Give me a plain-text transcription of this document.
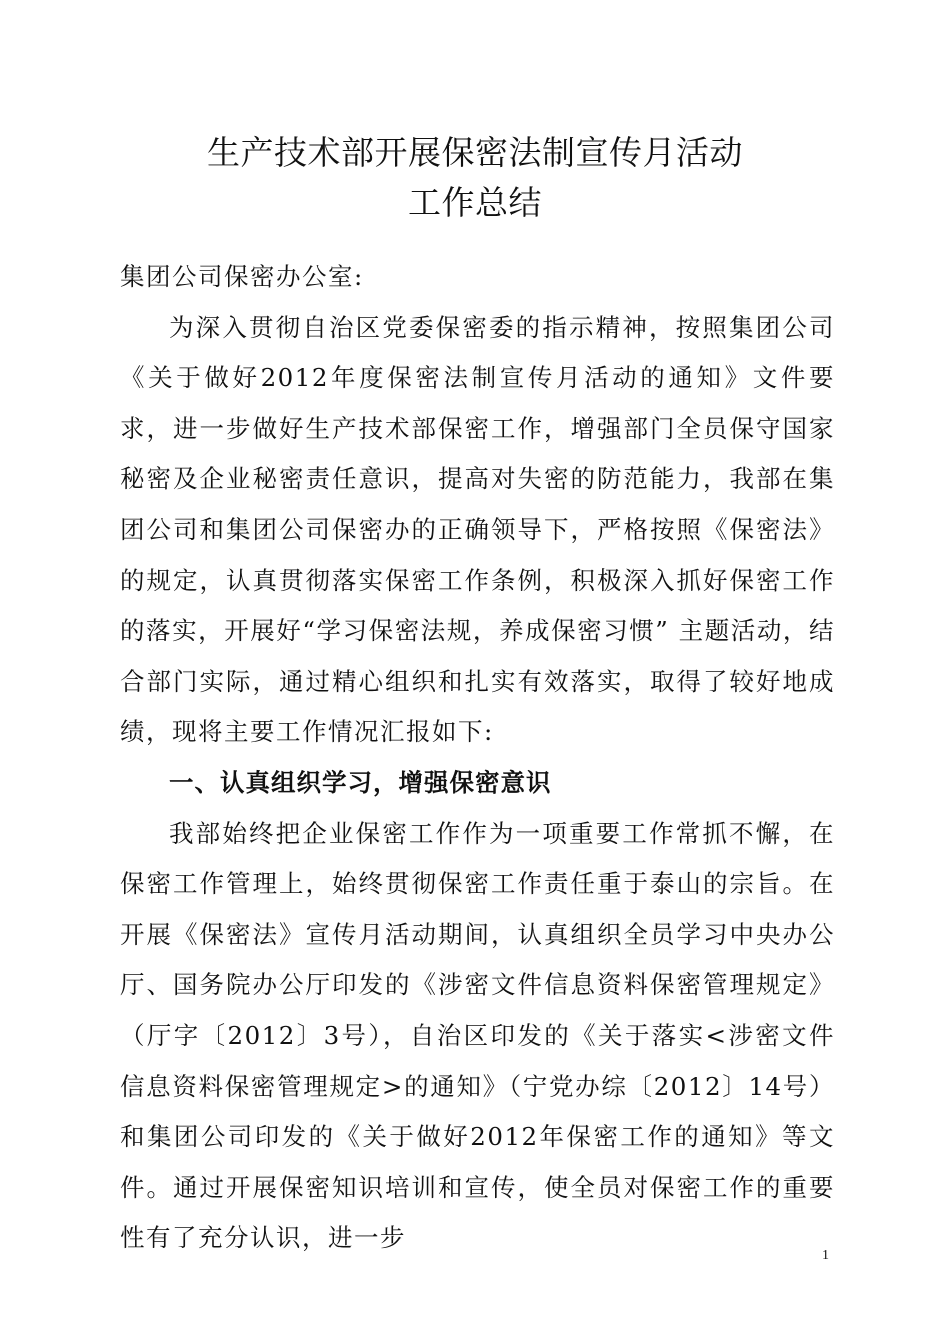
生产技术部开展保密法制宣传月活动
工作总结
集团公司保密办公室:
为深入贯彻自治区党委保密委的指示精神，按照集团公司《关于做好2012年度保密法制宣传月活动的通知》文件要求，进一步做好生产技术部保密工作，增强部门全员保守国家秘密及企业秘密责任意识，提高对失密的防范能力，我部在集团公司和集团公司保密办的正确领导下，严格按照《保密法》的规定，认真贯彻落实保密工作条例，积极深入抓好保密工作的落实，开展好“学习保密法规，养成保密习惯” 主题活动，结合部门实际，通过精心组织和扎实有效落实，取得了较好地成绩，现将主要工作情况汇报如下:
一、认真组织学习，增强保密意识
我部始终把企业保密工作作为一项重要工作常抓不懈，在保密工作管理上，始终贯彻保密工作责任重于泰山的宗旨。在开展《保密法》宣传月活动期间，认真组织全员学习中央办公厅、国务院办公厅印发的《涉密文件信息资料保密管理规定》（厅字〔2012〕3号），自治区印发的《关于落实<涉密文件信息资料保密管理规定>的通知》（宁党办综〔2012〕14号）和集团公司印发的《关于做好2012年保密工作的通知》等文件。通过开展保密知识培训和宣传，使全员对保密工作的重要性有了充分认识，进一步
1
